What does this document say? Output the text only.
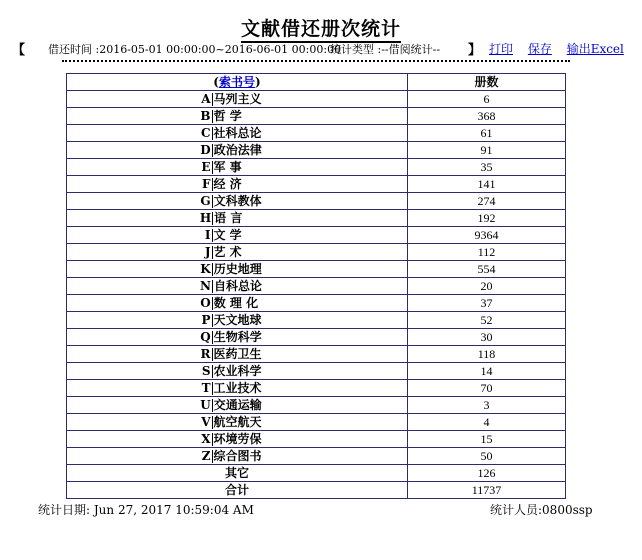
文献借还册次统计
【 借还时间 :2016-05-01 00:00:00~2016-06-01 00:00:00
统计类型 :--借阅统计-- 】 打印 保存 输出Excel
(索书号)	册数
A 马列主义	6
B 哲 学	368
C 社科总论	61
D 政治法律	91
E 军 事	35
F 经 济	141
G 文科教体	274
H 语 言	192
I 文 学	9364
J 艺 术	112
K 历史地理	554
N 自科总论	20
O 数 理 化	37
P 天文地球	52
Q 生物科学	30
R 医药卫生	118
S 农业科学	14
T 工业技术	70
U 交通运输	3
V 航空航天	4
X 环境劳保	15
Z 综合图书	50
其它	126
合计	11737
统计日期: Jun 27, 2017 10:59:04 AM	统计人员:0800ssp
